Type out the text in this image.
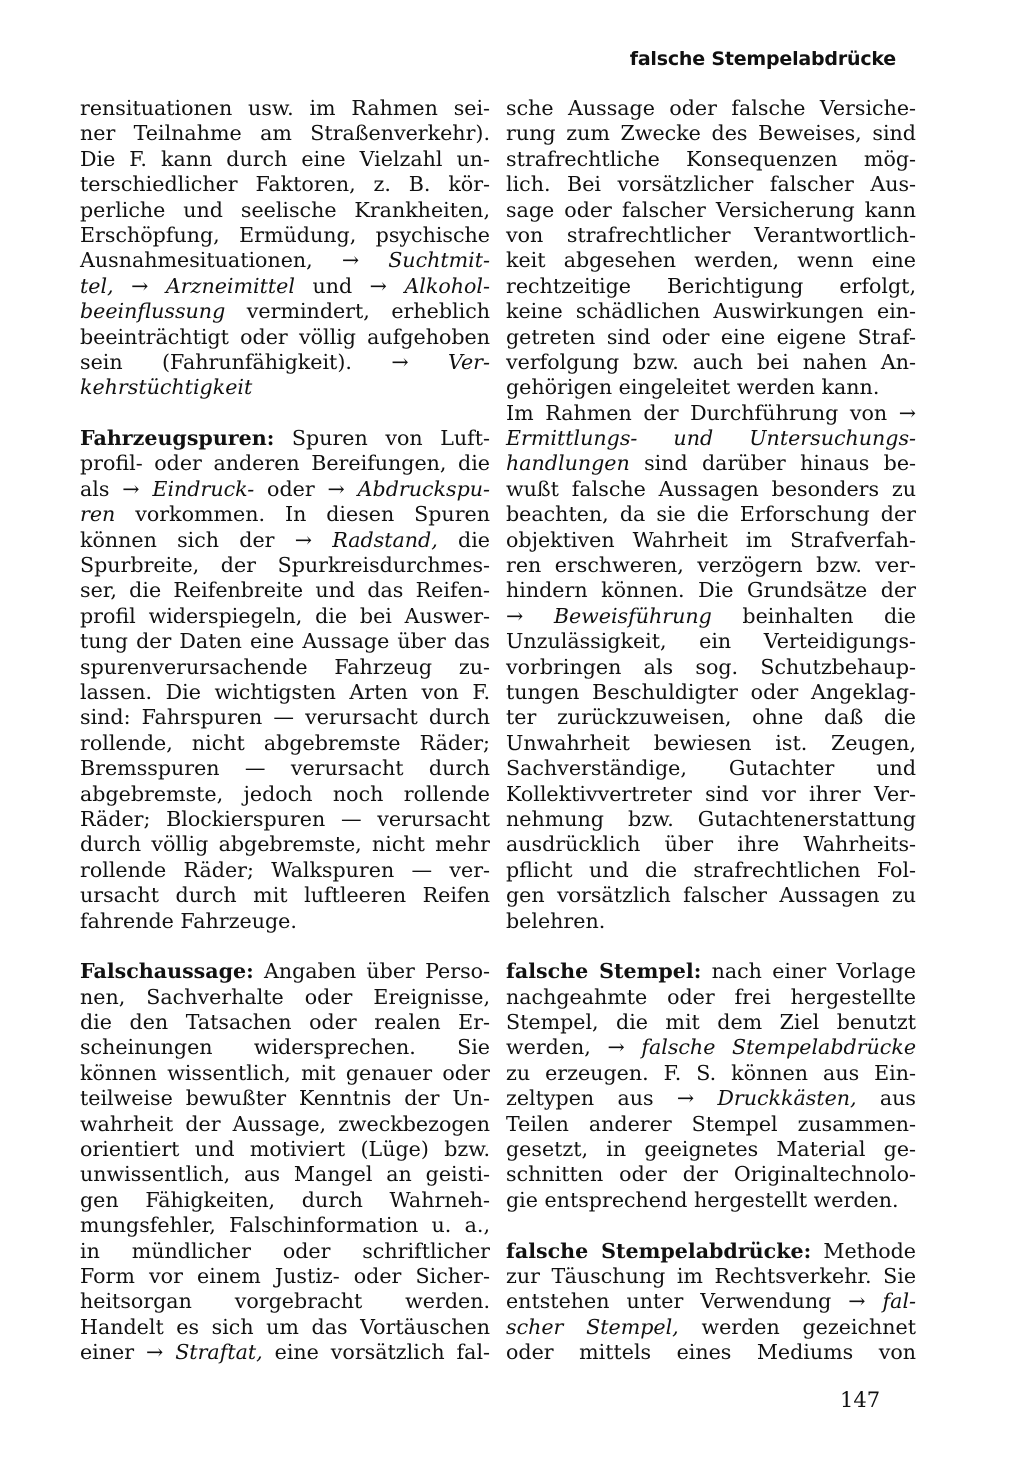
falsche Stempelabdrücke
rensituationen usw. im Rahmen sei-
ner Teilnahme am Straßenverkehr).
Die F. kann durch eine Vielzahl un-
terschiedlicher Faktoren, z. B. kör-
perliche und seelische Krankheiten,
Erschöpfung, Ermüdung, psychische
Ausnahmesituationen, → Suchtmit-
tel, → Arzneimittel und → Alkohol-
beeinflussung vermindert, erheblich
beeinträchtigt oder völlig aufgehoben
sein (Fahrunfähigkeit). → Ver-
kehrstüchtigkeit
Fahrzeugspuren: Spuren von Luft-
profil- oder anderen Bereifungen, die
als → Eindruck- oder → Abdruckspu-
ren vorkommen. In diesen Spuren
können sich der → Radstand, die
Spurbreite, der Spurkreisdurchmes-
ser, die Reifenbreite und das Reifen-
profil widerspiegeln, die bei Auswer-
tung der Daten eine Aussage über das
spurenverursachende Fahrzeug zu-
lassen. Die wichtigsten Arten von F.
sind: Fahrspuren — verursacht durch
rollende, nicht abgebremste Räder;
Bremsspuren — verursacht durch
abgebremste, jedoch noch rollende
Räder; Blockierspuren — verursacht
durch völlig abgebremste, nicht mehr
rollende Räder; Walkspuren — ver-
ursacht durch mit luftleeren Reifen
fahrende Fahrzeuge.
Falschaussage: Angaben über Perso-
nen, Sachverhalte oder Ereignisse,
die den Tatsachen oder realen Er-
scheinungen widersprechen. Sie
können wissentlich, mit genauer oder
teilweise bewußter Kenntnis der Un-
wahrheit der Aussage, zweckbezogen
orientiert und motiviert (Lüge) bzw.
unwissentlich, aus Mangel an geisti-
gen Fähigkeiten, durch Wahrneh-
mungsfehler, Falschinformation u. a.,
in mündlicher oder schriftlicher
Form vor einem Justiz- oder Sicher-
heitsorgan vorgebracht werden.
Handelt es sich um das Vortäuschen
einer → Straftat, eine vorsätzlich fal-
sche Aussage oder falsche Versiche-
rung zum Zwecke des Beweises, sind
strafrechtliche Konsequenzen mög-
lich. Bei vorsätzlicher falscher Aus-
sage oder falscher Versicherung kann
von strafrechtlicher Verantwortlich-
keit abgesehen werden, wenn eine
rechtzeitige Berichtigung erfolgt,
keine schädlichen Auswirkungen ein-
getreten sind oder eine eigene Straf-
verfolgung bzw. auch bei nahen An-
gehörigen eingeleitet werden kann.
Im Rahmen der Durchführung von →
Ermittlungs- und Untersuchungs-
handlungen sind darüber hinaus be-
wußt falsche Aussagen besonders zu
beachten, da sie die Erforschung der
objektiven Wahrheit im Strafverfah-
ren erschweren, verzögern bzw. ver-
hindern können. Die Grundsätze der
→ Beweisführung beinhalten die
Unzulässigkeit, ein Verteidigungs-
vorbringen als sog. Schutzbehaup-
tungen Beschuldigter oder Angeklag-
ter zurückzuweisen, ohne daß die
Unwahrheit bewiesen ist. Zeugen,
Sachverständige, Gutachter und
Kollektivvertreter sind vor ihrer Ver-
nehmung bzw. Gutachtenerstattung
ausdrücklich über ihre Wahrheits-
pflicht und die strafrechtlichen Fol-
gen vorsätzlich falscher Aussagen zu
belehren.
falsche Stempel: nach einer Vorlage
nachgeahmte oder frei hergestellte
Stempel, die mit dem Ziel benutzt
werden, → falsche Stempelabdrücke
zu erzeugen. F. S. können aus Ein-
zeltypen aus → Druckkästen, aus
Teilen anderer Stempel zusammen-
gesetzt, in geeignetes Material ge-
schnitten oder der Originaltechnolo-
gie entsprechend hergestellt werden.
falsche Stempelabdrücke: Methode
zur Täuschung im Rechtsverkehr. Sie
entstehen unter Verwendung → fal-
scher Stempel, werden gezeichnet
oder mittels eines Mediums von
147
